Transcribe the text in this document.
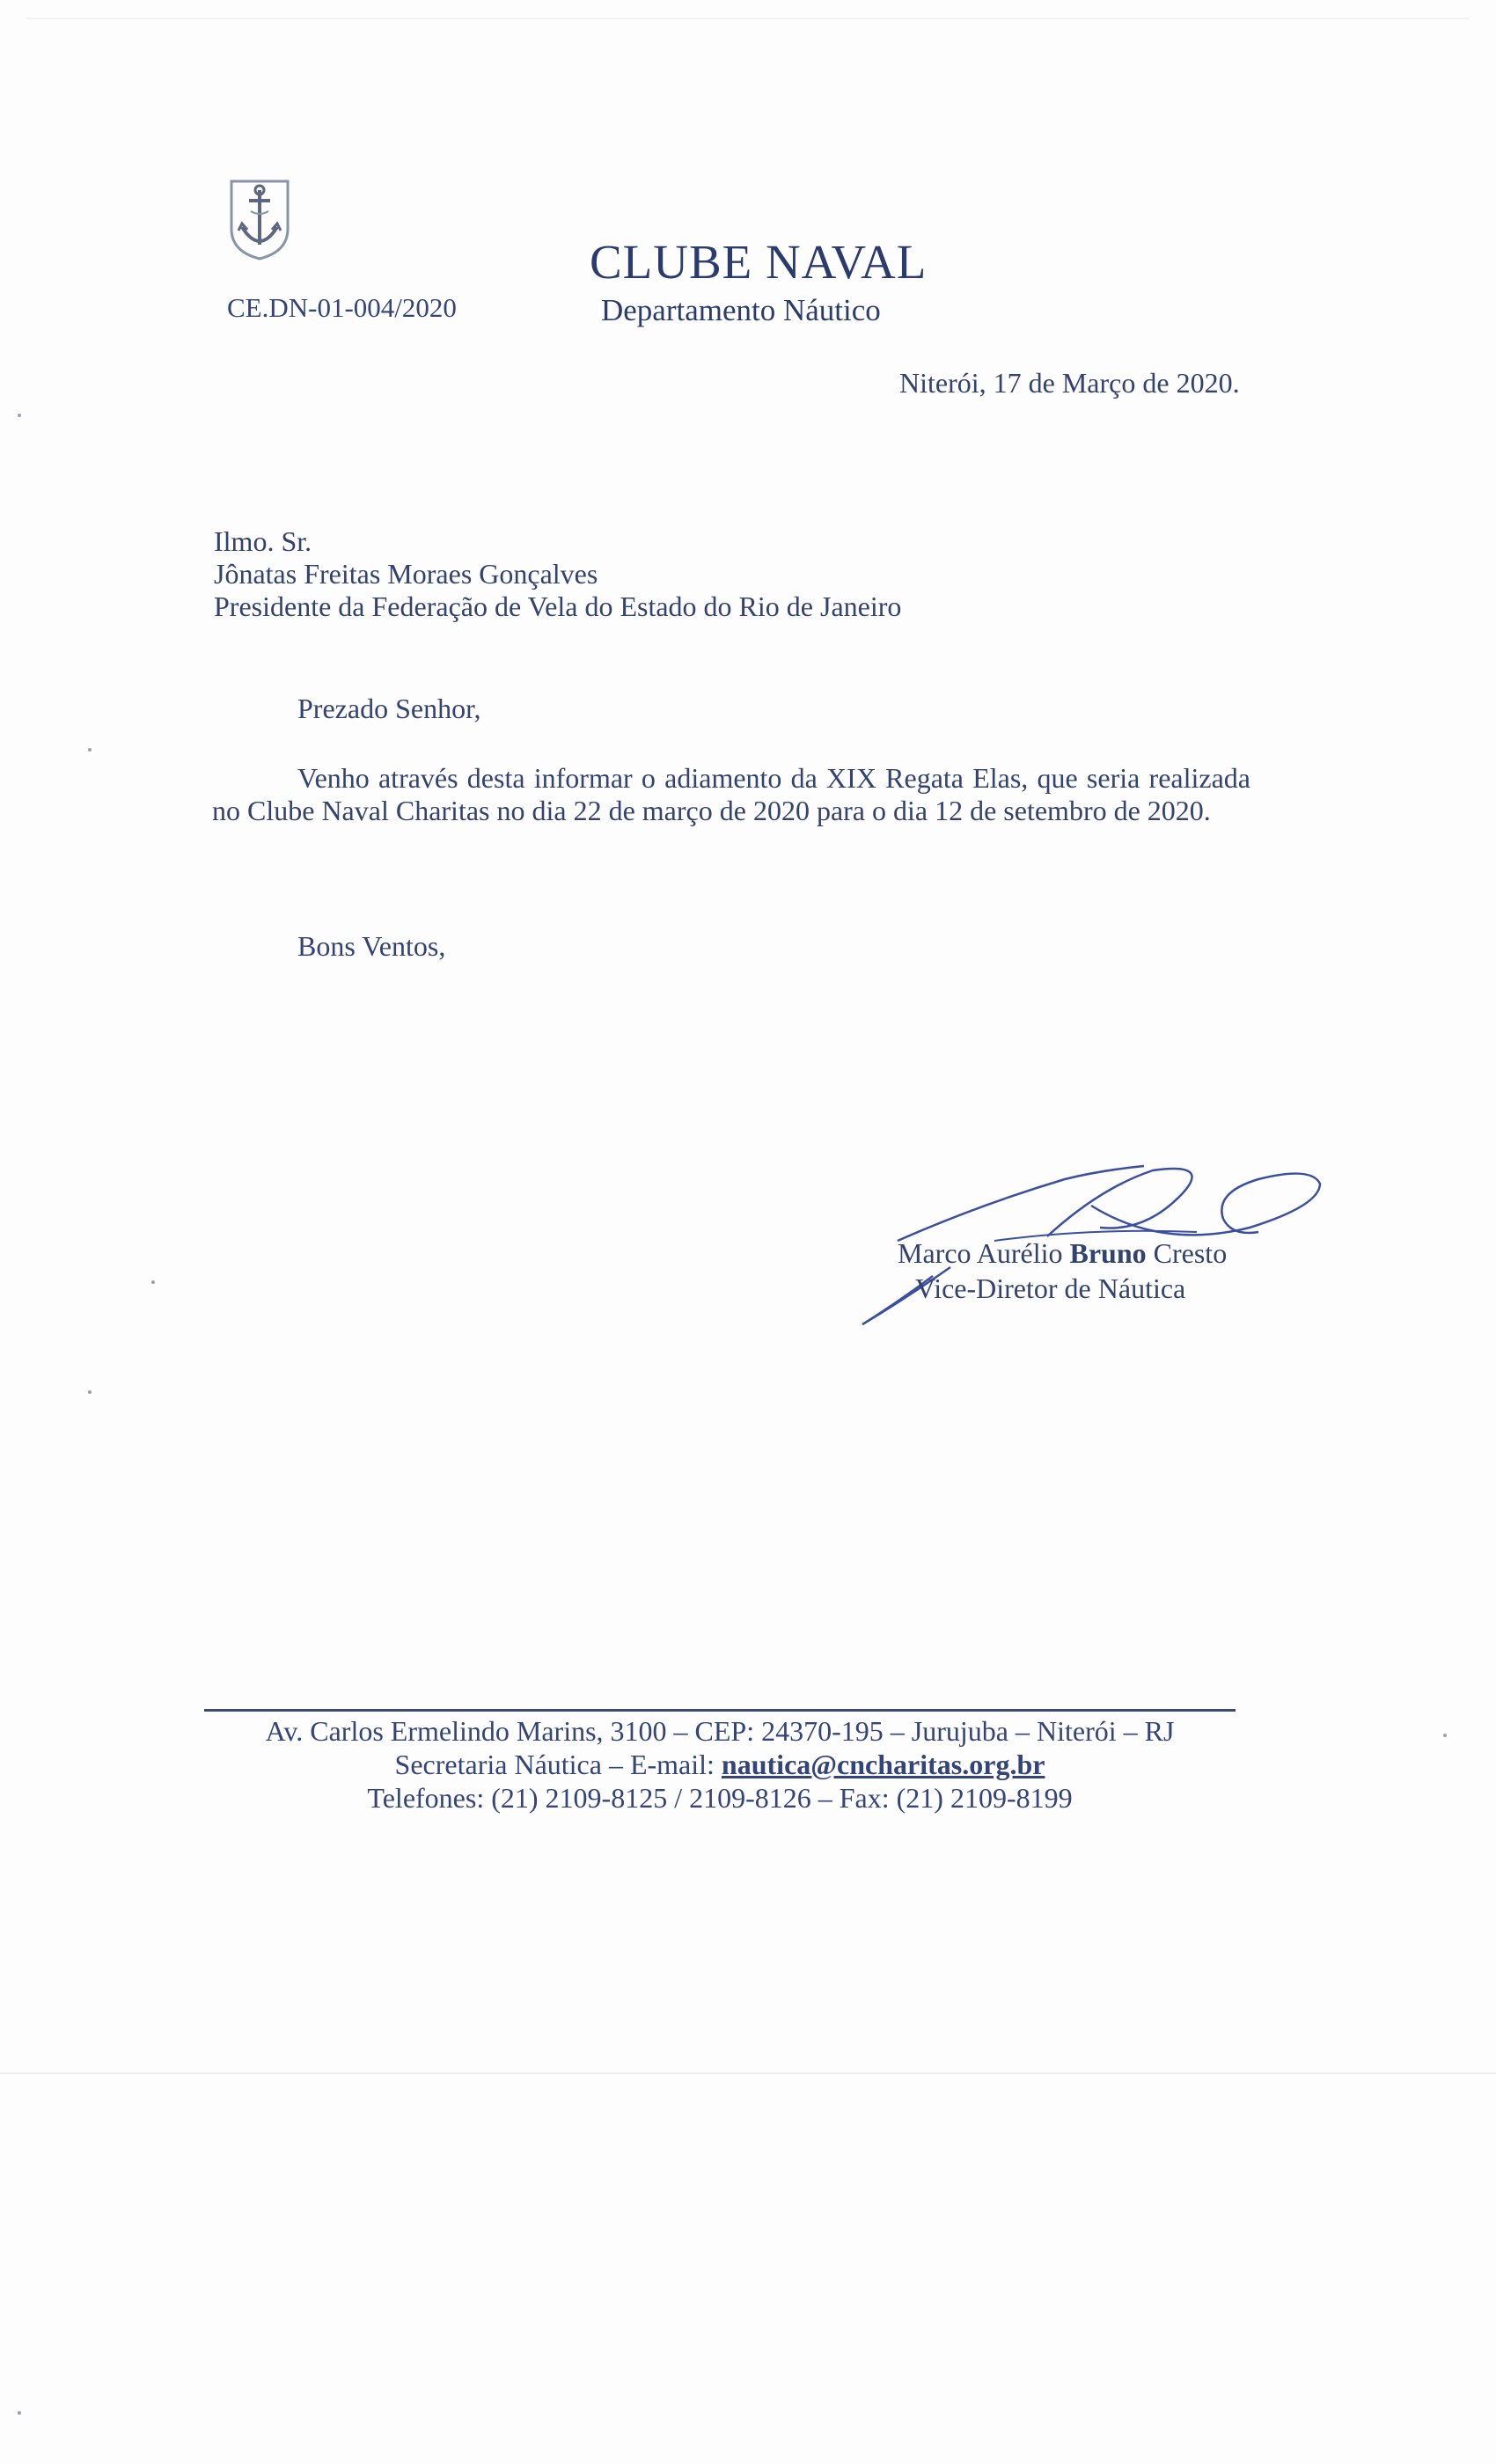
CE.DN-01-004/2020
CLUBE NAVAL
Departamento Náutico
Niterói, 17 de Março de 2020.
Ilmo. Sr.
Jônatas Freitas Moraes Gonçalves
Presidente da Federação de Vela do Estado do Rio de Janeiro
Prezado Senhor,
Venho através desta informar o adiamento da XIX Regata Elas, que seria realizada no Clube Naval Charitas no dia 22 de março de 2020 para o dia 12 de setembro de 2020.
Bons Ventos,
Marco Aurélio Bruno Cresto
Vice-Diretor de Náutica
Av. Carlos Ermelindo Marins, 3100 – CEP: 24370-195 – Jurujuba – Niterói – RJ
Secretaria Náutica – E-mail: nautica@cncharitas.org.br
Telefones: (21) 2109-8125 / 2109-8126 – Fax: (21) 2109-8199
